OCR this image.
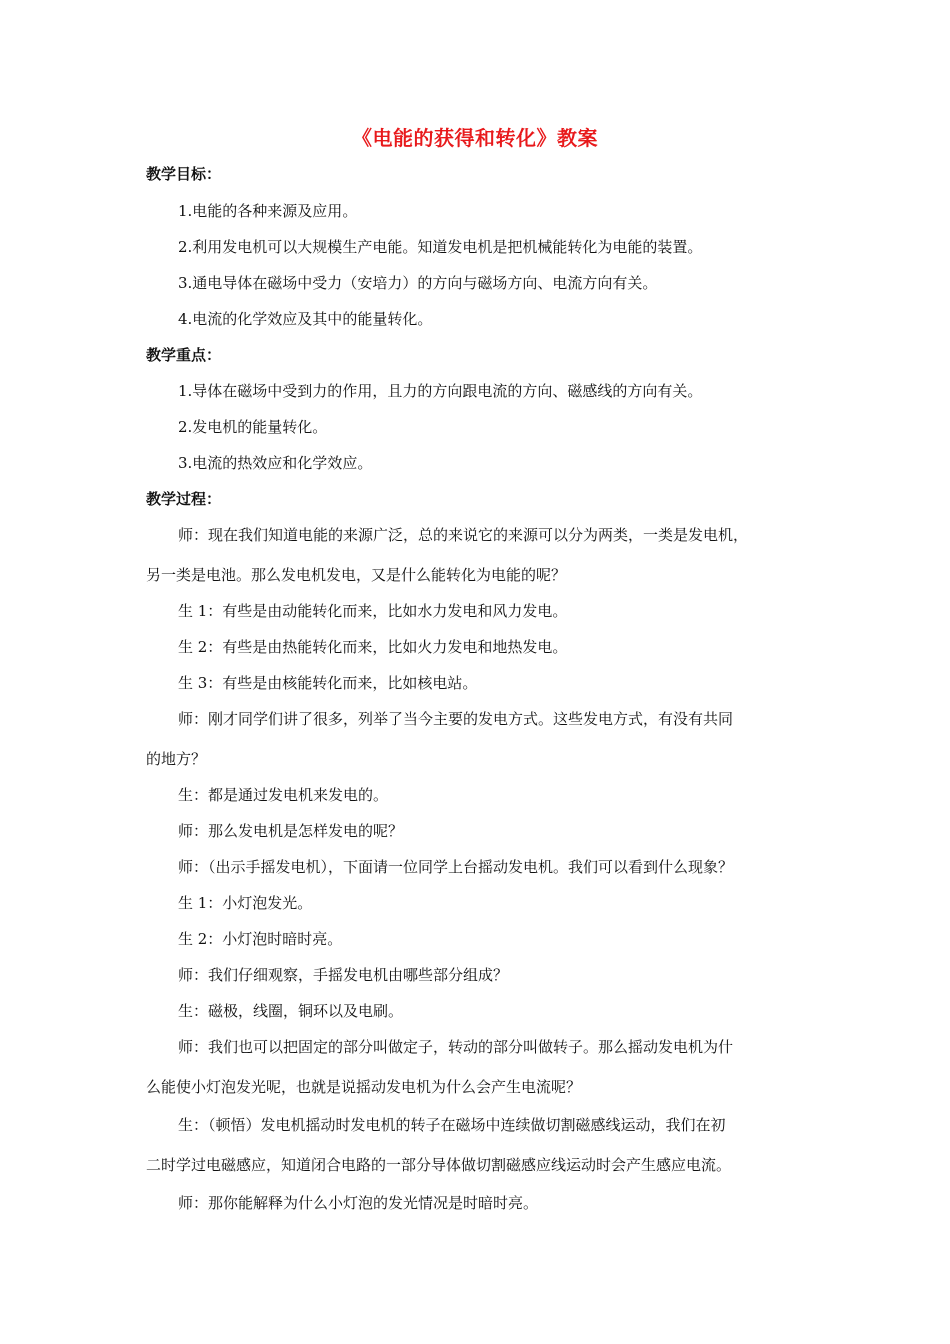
《电能的获得和转化》教案
教学目标：
1.电能的各种来源及应用。
2.利用发电机可以大规模生产电能。知道发电机是把机械能转化为电能的装置。
3.通电导体在磁场中受力（安培力）的方向与磁场方向、电流方向有关。
4.电流的化学效应及其中的能量转化。
教学重点：
1.导体在磁场中受到力的作用，且力的方向跟电流的方向、磁感线的方向有关。
2.发电机的能量转化。
3.电流的热效应和化学效应。
教学过程：
师：现在我们知道电能的来源广泛，总的来说它的来源可以分为两类，一类是发电机，
另一类是电池。那么发电机发电，又是什么能转化为电能的呢？
生 1：有些是由动能转化而来，比如水力发电和风力发电。
生 2：有些是由热能转化而来，比如火力发电和地热发电。
生 3：有些是由核能转化而来，比如核电站。
师：刚才同学们讲了很多，列举了当今主要的发电方式。这些发电方式，有没有共同
的地方？
生：都是通过发电机来发电的。
师：那么发电机是怎样发电的呢？
师：（出示手摇发电机），下面请一位同学上台摇动发电机。我们可以看到什么现象？
生 1：小灯泡发光。
生 2：小灯泡时暗时亮。
师：我们仔细观察，手摇发电机由哪些部分组成？
生：磁极，线圈，铜环以及电刷。
师：我们也可以把固定的部分叫做定子，转动的部分叫做转子。那么摇动发电机为什
么能使小灯泡发光呢，也就是说摇动发电机为什么会产生电流呢？
生：（顿悟）发电机摇动时发电机的转子在磁场中连续做切割磁感线运动，我们在初
二时学过电磁感应，知道闭合电路的一部分导体做切割磁感应线运动时会产生感应电流。
师：那你能解释为什么小灯泡的发光情况是时暗时亮。
